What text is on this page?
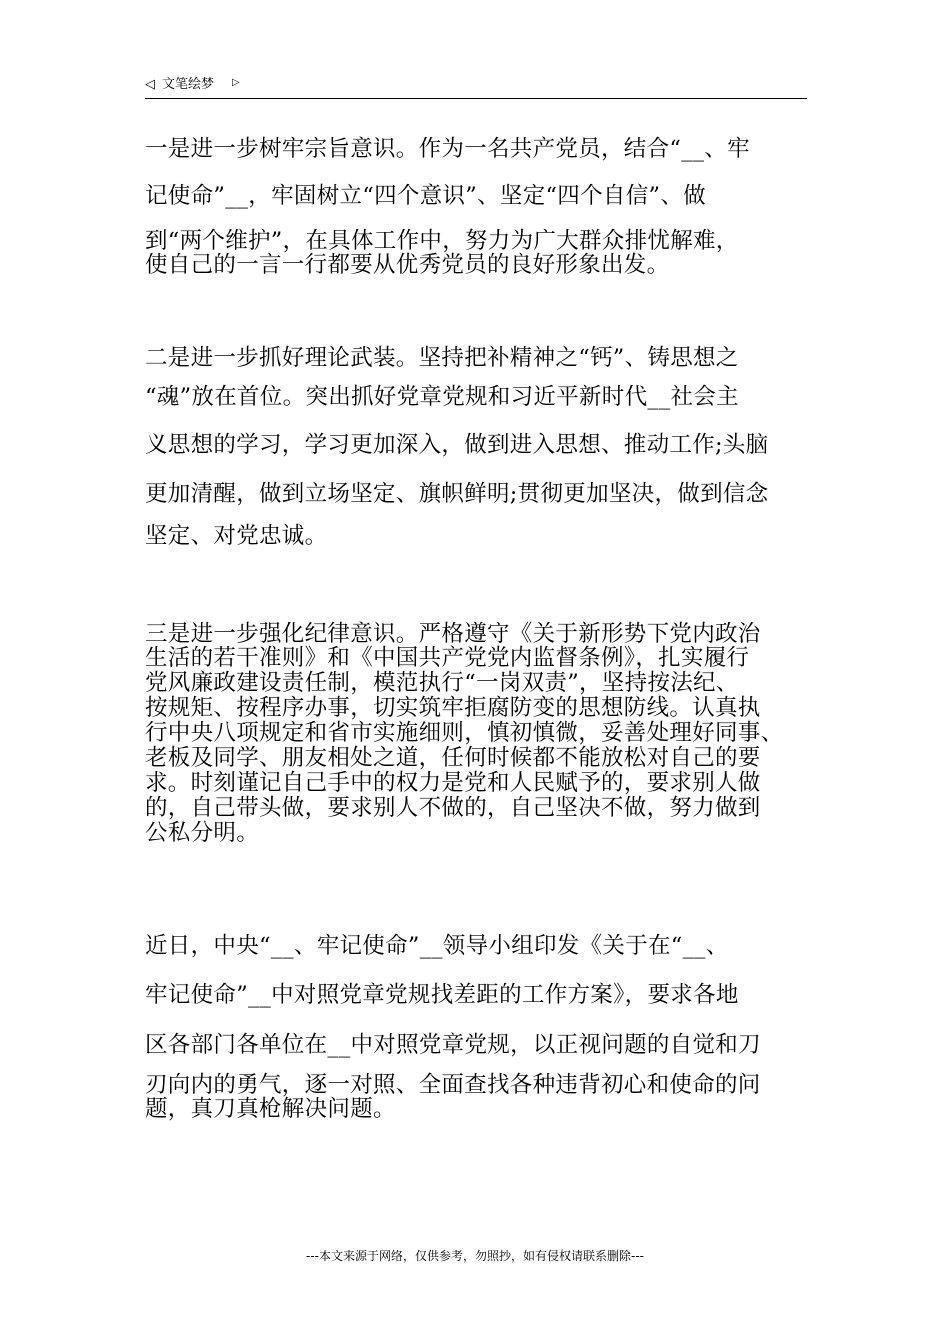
◁ 文笔绘梦 ▷
一是进一步树牢宗旨意识。作为一名共产党员，结合“__、牢
记使命”__，牢固树立“四个意识”、坚定“四个自信”、做
到“两个维护”，在具体工作中，努力为广大群众排忧解难，
使自己的一言一行都要从优秀党员的良好形象出发。
二是进一步抓好理论武装。坚持把补精神之“钙”、铸思想之
“魂”放在首位。突出抓好党章党规和习近平新时代__社会主
义思想的学习，学习更加深入，做到进入思想、推动工作;头脑
更加清醒，做到立场坚定、旗帜鲜明;贯彻更加坚决，做到信念
坚定、对党忠诚。
三是进一步强化纪律意识。严格遵守《关于新形势下党内政治
生活的若干准则》和《中国共产党党内监督条例》，扎实履行
党风廉政建设责任制，模范执行“一岗双责”，坚持按法纪、
按规矩、按程序办事，切实筑牢拒腐防变的思想防线。认真执
行中央八项规定和省市实施细则，慎初慎微，妥善处理好同事、
老板及同学、朋友相处之道，任何时候都不能放松对自己的要
求。时刻谨记自己手中的权力是党和人民赋予的，要求别人做
的，自己带头做，要求别人不做的，自己坚决不做，努力做到
公私分明。
近日，中央“__、牢记使命”__领导小组印发《关于在“__、
牢记使命”__中对照党章党规找差距的工作方案》，要求各地
区各部门各单位在__中对照党章党规，以正视问题的自觉和刀
刃向内的勇气，逐一对照、全面查找各种违背初心和使命的问
题，真刀真枪解决问题。
---本文来源于网络，仅供参考，勿照抄，如有侵权请联系删除---
